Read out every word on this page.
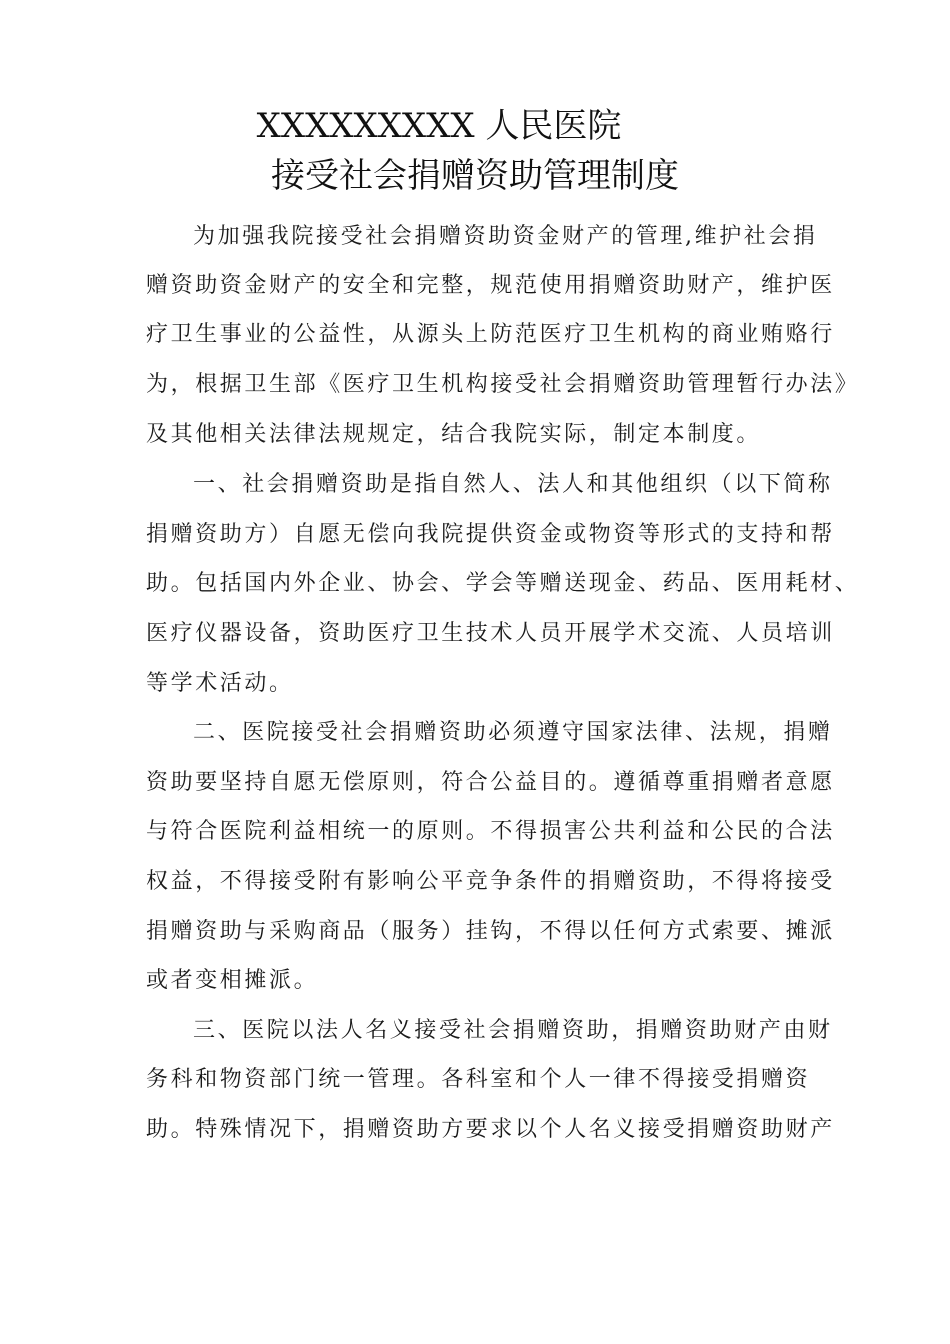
XXXXXXXXX 人民医院
接受社会捐赠资助管理制度
为加强我院接受社会捐赠资助资金财产的管理,维护社会捐
赠资助资金财产的安全和完整，规范使用捐赠资助财产，维护医
疗卫生事业的公益性，从源头上防范医疗卫生机构的商业贿赂行
为，根据卫生部《医疗卫生机构接受社会捐赠资助管理暂行办法》
及其他相关法律法规规定，结合我院实际，制定本制度。
一、社会捐赠资助是指自然人、法人和其他组织（以下简称
捐赠资助方）自愿无偿向我院提供资金或物资等形式的支持和帮
助。包括国内外企业、协会、学会等赠送现金、药品、医用耗材、
医疗仪器设备，资助医疗卫生技术人员开展学术交流、人员培训
等学术活动。
二、医院接受社会捐赠资助必须遵守国家法律、法规，捐赠
资助要坚持自愿无偿原则，符合公益目的。遵循尊重捐赠者意愿
与符合医院利益相统一的原则。不得损害公共利益和公民的合法
权益，不得接受附有影响公平竞争条件的捐赠资助，不得将接受
捐赠资助与采购商品（服务）挂钩，不得以任何方式索要、摊派
或者变相摊派。
三、医院以法人名义接受社会捐赠资助，捐赠资助财产由财
务科和物资部门统一管理。各科室和个人一律不得接受捐赠资
助。特殊情况下，捐赠资助方要求以个人名义接受捐赠资助财产
